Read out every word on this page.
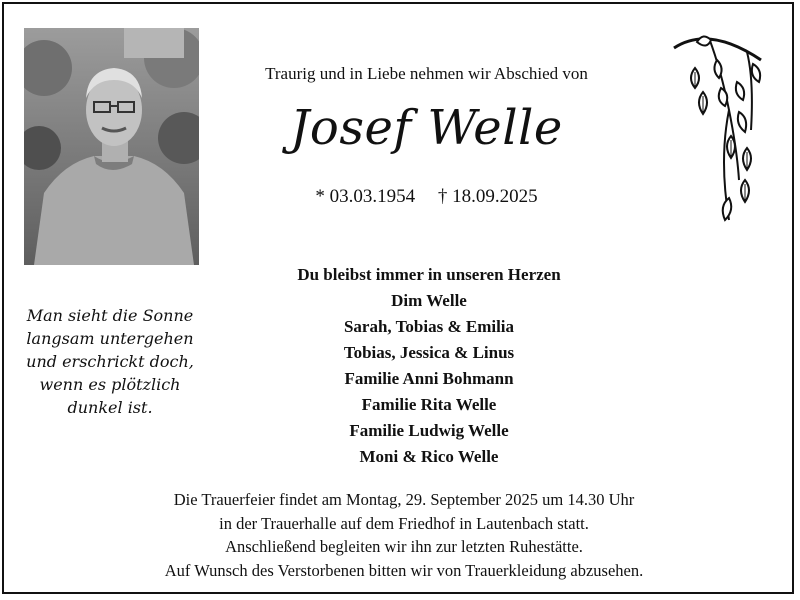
Traurig und in Liebe nehmen wir Abschied von
Josef Welle
* 03.03.1954 † 18.09.2025
Man sieht die Sonne
langsam untergehen
und erschrickt doch,
wenn es plötzlich
dunkel ist.
Du bleibst immer in unseren Herzen
Dim Welle
Sarah, Tobias & Emilia
Tobias, Jessica & Linus
Familie Anni Bohmann
Familie Rita Welle
Familie Ludwig Welle
Moni & Rico Welle
Die Trauerfeier findet am Montag, 29. September 2025 um 14.30 Uhr
in der Trauerhalle auf dem Friedhof in Lautenbach statt.
Anschließend begleiten wir ihn zur letzten Ruhestätte.
Auf Wunsch des Verstorbenen bitten wir von Trauerkleidung abzusehen.
